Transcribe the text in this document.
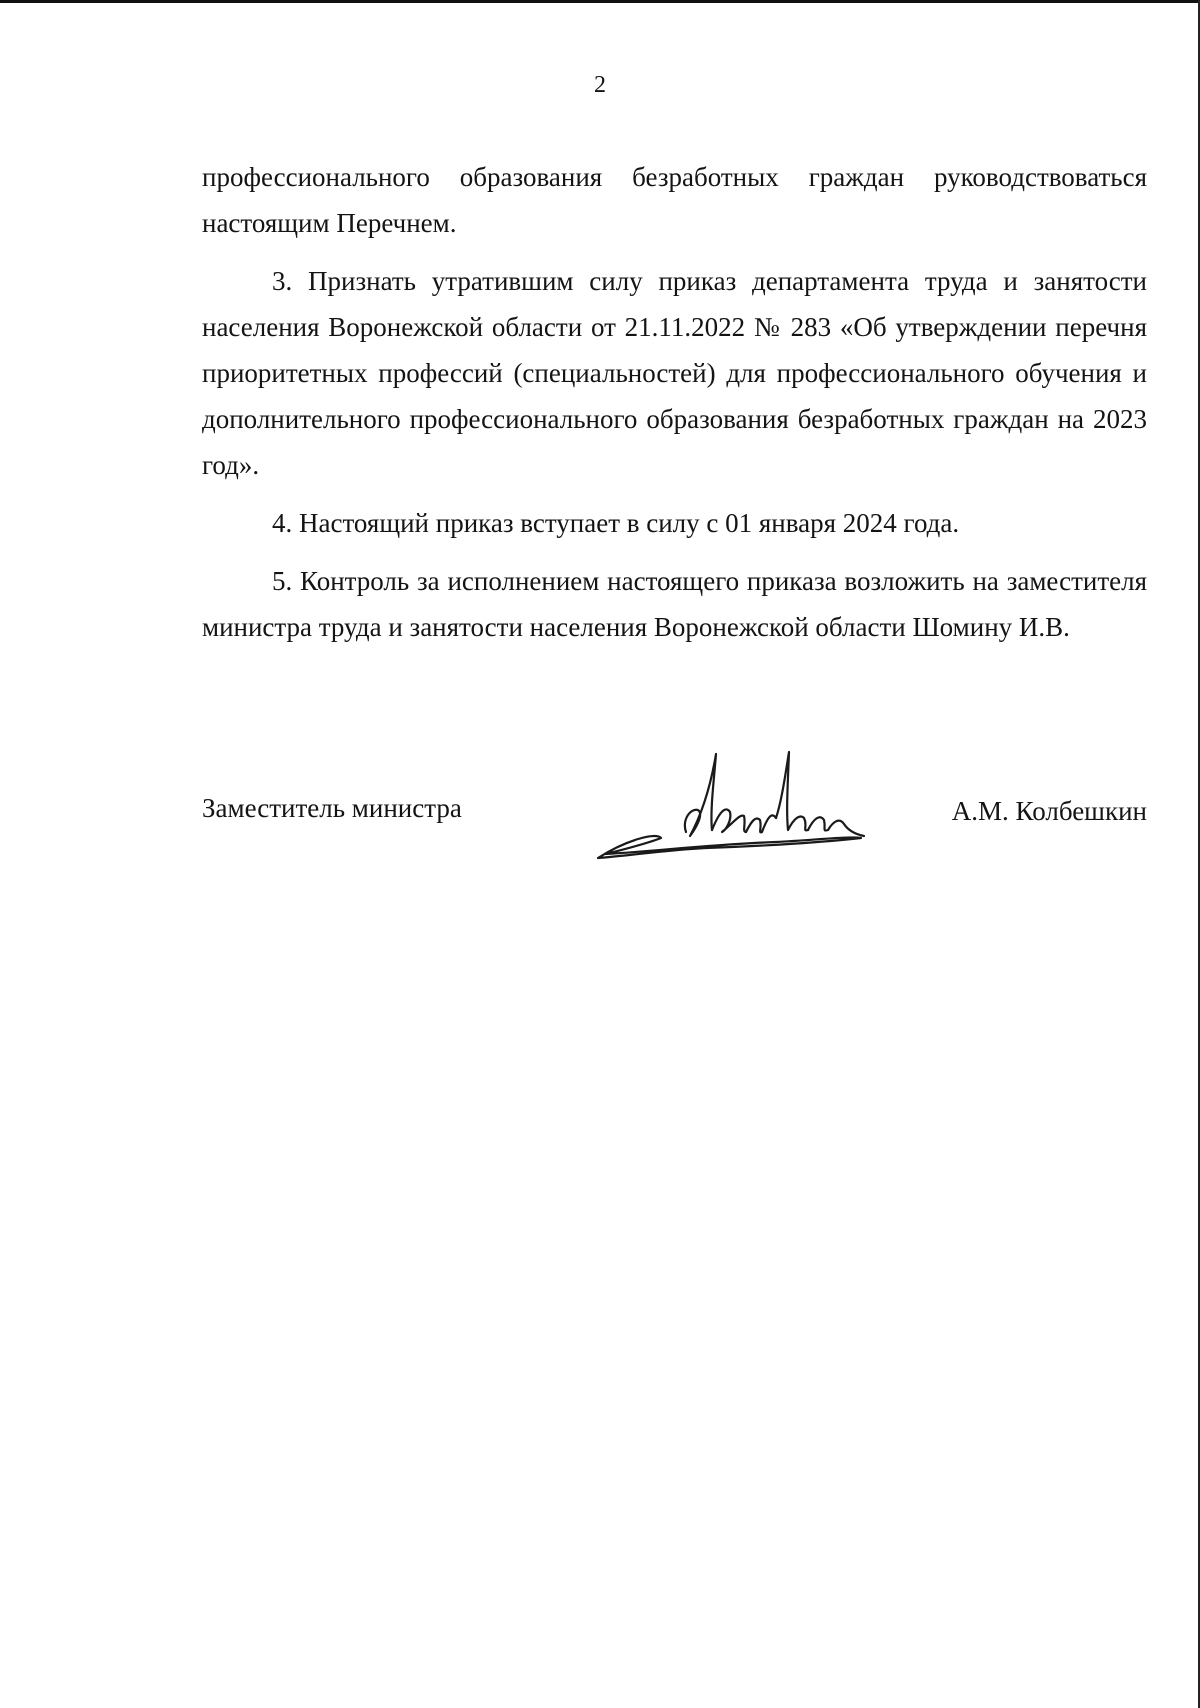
2

профессионального образования безработных граждан руководствоваться настоящим Перечнем.

3. Признать утратившим силу приказ департамента труда и занятости населения Воронежской области от 21.11.2022 № 283 «Об утверждении перечня приоритетных профессий (специальностей) для профессионального обучения и дополнительного профессионального образования безработных граждан на 2023 год».

4. Настоящий приказ вступает в силу с 01 января 2024 года.

5. Контроль за исполнением настоящего приказа возложить на заместителя министра труда и занятости населения Воронежской области Шомину И.В.

Заместитель министра	А.М. Колбешкин
